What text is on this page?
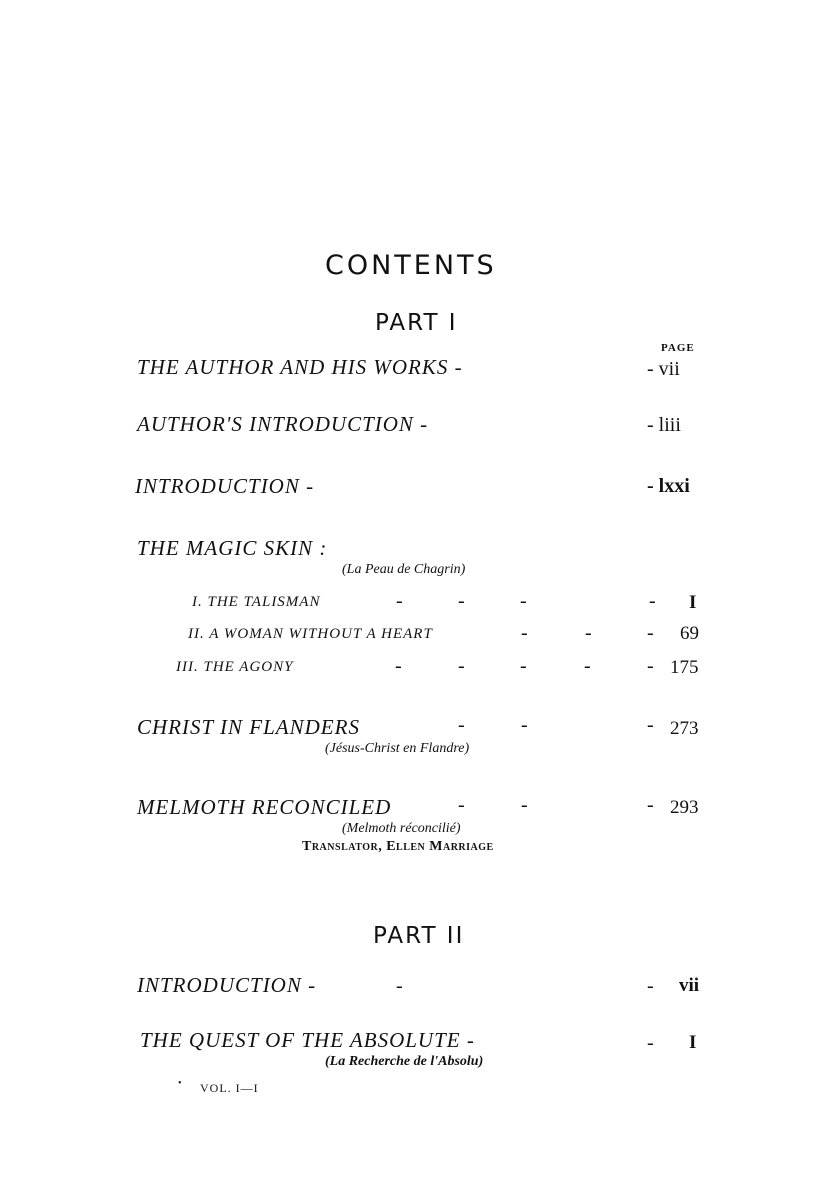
CONTENTS
PART I
PAGE
THE AUTHOR AND HIS WORKS -	- vii
AUTHOR'S INTRODUCTION -	- liii
INTRODUCTION -	- lxxi
THE MAGIC SKIN :
(La Peau de Chagrin)
I. THE TALISMAN	-	-	-	- I
II. A WOMAN WITHOUT A HEART	-	-	- 69
III. THE AGONY	-	-	-	-	- 175
CHRIST IN FLANDERS	-	-	- 273
(Jésus-Christ en Flandre)
MELMOTH RECONCILED	-	-	- 293
(Melmoth réconcilié)
Translator, Ellen Marriage
PART II
INTRODUCTION -	-	- vii
THE QUEST OF THE ABSOLUTE -	- I
(La Recherche de l'Absolu)
• VOL. I—I
